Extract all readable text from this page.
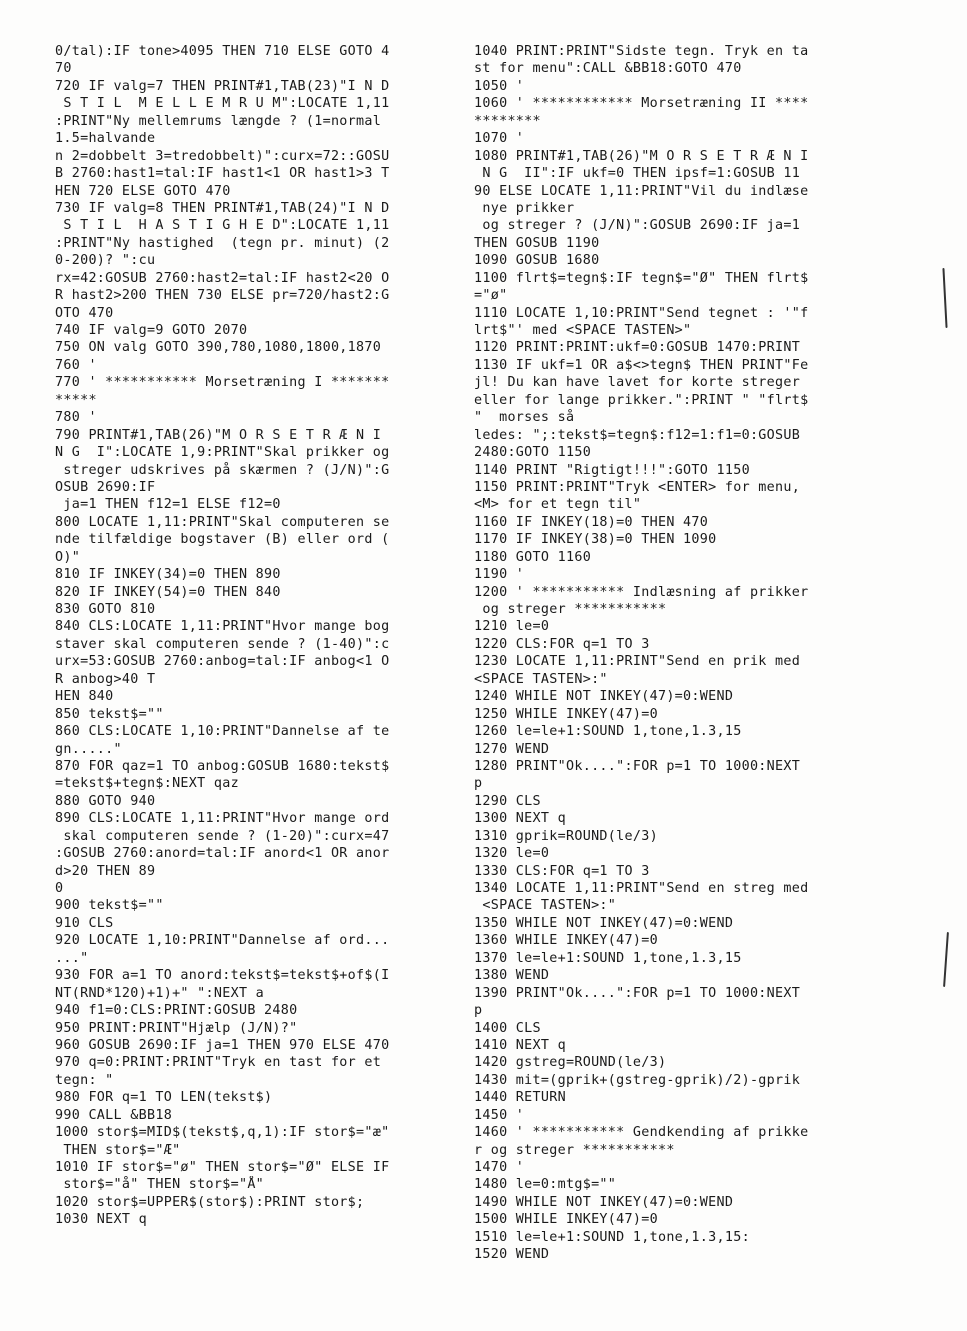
0/tal):IF tone>4095 THEN 710 ELSE GOTO 4
70
720 IF valg=7 THEN PRINT#1,TAB(23)"I N D
S T I L  M E L L E M R U M":LOCATE 1,11
:PRINT"Ny mellemrums længde ? (1=normal
1.5=halvande
n 2=dobbelt 3=tredobbelt)":curx=72::GOSU
B 2760:hast1=tal:IF hast1<1 OR hast1>3 T
HEN 720 ELSE GOTO 470
730 IF valg=8 THEN PRINT#1,TAB(24)"I N D
S T I L  H A S T I G H E D":LOCATE 1,11
:PRINT"Ny hastighed  (tegn pr. minut) (2
0-200)? ":cu
rx=42:GOSUB 2760:hast2=tal:IF hast2<20 O
R hast2>200 THEN 730 ELSE pr=720/hast2:G
OTO 470
740 IF valg=9 GOTO 2070
750 ON valg GOTO 390,780,1080,1800,1870
760 '
770 ' *********** Morsetræning I *******
*****
780 '
790 PRINT#1,TAB(26)"M O R S E T R Æ N I
N G  I":LOCATE 1,9:PRINT"Skal prikker og
streger udskrives på skærmen ? (J/N)":G
OSUB 2690:IF
ja=1 THEN f12=1 ELSE f12=0
800 LOCATE 1,11:PRINT"Skal computeren se
nde tilfældige bogstaver (B) eller ord (
O)"
810 IF INKEY(34)=0 THEN 890
820 IF INKEY(54)=0 THEN 840
830 GOTO 810
840 CLS:LOCATE 1,11:PRINT"Hvor mange bog
staver skal computeren sende ? (1-40)":c
urx=53:GOSUB 2760:anbog=tal:IF anbog<1 O
R anbog>40 T
HEN 840
850 tekst$=""
860 CLS:LOCATE 1,10:PRINT"Dannelse af te
gn....."
870 FOR qaz=1 TO anbog:GOSUB 1680:tekst$
=tekst$+tegn$:NEXT qaz
880 GOTO 940
890 CLS:LOCATE 1,11:PRINT"Hvor mange ord
skal computeren sende ? (1-20)":curx=47
:GOSUB 2760:anord=tal:IF anord<1 OR anor
d>20 THEN 89
0
900 tekst$=""
910 CLS
920 LOCATE 1,10:PRINT"Dannelse af ord...
..."
930 FOR a=1 TO anord:tekst$=tekst$+of$(I
NT(RND*120)+1)+" ":NEXT a
940 f1=0:CLS:PRINT:GOSUB 2480
950 PRINT:PRINT"Hjælp (J/N)?"
960 GOSUB 2690:IF ja=1 THEN 970 ELSE 470
970 q=0:PRINT:PRINT"Tryk en tast for et
tegn: "
980 FOR q=1 TO LEN(tekst$)
990 CALL &BB18
1000 stor$=MID$(tekst$,q,1):IF stor$="æ"
THEN stor$="Æ"
1010 IF stor$="ø" THEN stor$="Ø" ELSE IF
stor$="å" THEN stor$="Å"
1020 stor$=UPPER$(stor$):PRINT stor$;
1030 NEXT q
1040 PRINT:PRINT"Sidste tegn. Tryk en ta
st for menu":CALL &BB18:GOTO 470
1050 '
1060 ' ************ Morsetræning II ****
********
1070 '
1080 PRINT#1,TAB(26)"M O R S E T R Æ N I
N G  II":IF ukf=0 THEN ipsf=1:GOSUB 11
90 ELSE LOCATE 1,11:PRINT"Vil du indlæse
nye prikker
og streger ? (J/N)":GOSUB 2690:IF ja=1
THEN GOSUB 1190
1090 GOSUB 1680
1100 flrt$=tegn$:IF tegn$="Ø" THEN flrt$
="ø"
1110 LOCATE 1,10:PRINT"Send tegnet : '"f
lrt$"' med <SPACE TASTEN>"
1120 PRINT:PRINT:ukf=0:GOSUB 1470:PRINT
1130 IF ukf=1 OR a$<>tegn$ THEN PRINT"Fe
jl! Du kan have lavet for korte streger
eller for lange prikker.":PRINT " "flrt$
"  morses så
ledes: ";:tekst$=tegn$:f12=1:f1=0:GOSUB
2480:GOTO 1150
1140 PRINT "Rigtigt!!!":GOTO 1150
1150 PRINT:PRINT"Tryk <ENTER> for menu,
<M> for et tegn til"
1160 IF INKEY(18)=0 THEN 470
1170 IF INKEY(38)=0 THEN 1090
1180 GOTO 1160
1190 '
1200 ' *********** Indlæsning af prikker
og streger ***********
1210 le=0
1220 CLS:FOR q=1 TO 3
1230 LOCATE 1,11:PRINT"Send en prik med
<SPACE TASTEN>:"
1240 WHILE NOT INKEY(47)=0:WEND
1250 WHILE INKEY(47)=0
1260 le=le+1:SOUND 1,tone,1.3,15
1270 WEND
1280 PRINT"Ok....":FOR p=1 TO 1000:NEXT
p
1290 CLS
1300 NEXT q
1310 gprik=ROUND(le/3)
1320 le=0
1330 CLS:FOR q=1 TO 3
1340 LOCATE 1,11:PRINT"Send en streg med
<SPACE TASTEN>:"
1350 WHILE NOT INKEY(47)=0:WEND
1360 WHILE INKEY(47)=0
1370 le=le+1:SOUND 1,tone,1.3,15
1380 WEND
1390 PRINT"Ok....":FOR p=1 TO 1000:NEXT
p
1400 CLS
1410 NEXT q
1420 gstreg=ROUND(le/3)
1430 mit=(gprik+(gstreg-gprik)/2)-gprik
1440 RETURN
1450 '
1460 ' *********** Gendkending af prikke
r og streger ***********
1470 '
1480 le=0:mtg$=""
1490 WHILE NOT INKEY(47)=0:WEND
1500 WHILE INKEY(47)=0
1510 le=le+1:SOUND 1,tone,1.3,15:
1520 WEND
